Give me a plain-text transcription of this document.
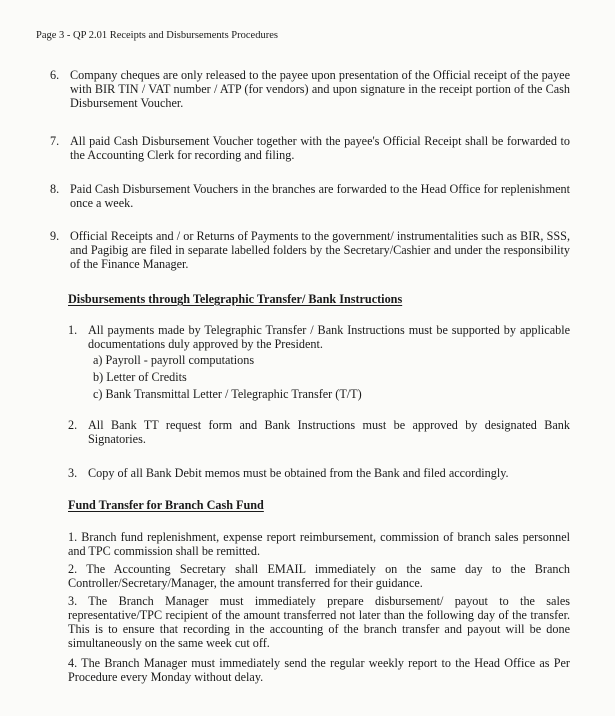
Page 3 - QP 2.01 Receipts and Disbursements Procedures
6. Company cheques are only released to the payee upon presentation of the Official receipt of the payee with BIR TIN / VAT number / ATP (for vendors) and upon signature in the receipt portion of the Cash Disbursement Voucher.
7. All paid Cash Disbursement Voucher together with the payee's Official Receipt shall be forwarded to the Accounting Clerk for recording and filing.
8. Paid Cash Disbursement Vouchers in the branches are forwarded to the Head Office for replenishment once a week.
9. Official Receipts and / or Returns of Payments to the government/ instrumentalities such as BIR, SSS, and Pagibig are filed in separate labelled folders by the Secretary/Cashier and under the responsibility of the Finance Manager.
Disbursements through Telegraphic Transfer/ Bank Instructions
1. All payments made by Telegraphic Transfer / Bank Instructions must be supported by applicable documentations duly approved by the President.
a) Payroll - payroll computations
b) Letter of Credits
c) Bank Transmittal Letter / Telegraphic Transfer (T/T)
2. All Bank TT request form and Bank Instructions must be approved by designated Bank Signatories.
3. Copy of all Bank Debit memos must be obtained from the Bank and filed accordingly.
Fund Transfer for Branch Cash Fund
1. Branch fund replenishment, expense report reimbursement, commission of branch sales personnel and TPC commission shall be remitted.
2. The Accounting Secretary shall EMAIL immediately on the same day to the Branch Controller/Secretary/Manager, the amount transferred for their guidance.
3. The Branch Manager must immediately prepare disbursement/ payout to the sales representative/TPC recipient of the amount transferred not later than the following day of the transfer. This is to ensure that recording in the accounting of the branch transfer and payout will be done simultaneously on the same week cut off.
4. The Branch Manager must immediately send the regular weekly report to the Head Office as Per Procedure every Monday without delay.
